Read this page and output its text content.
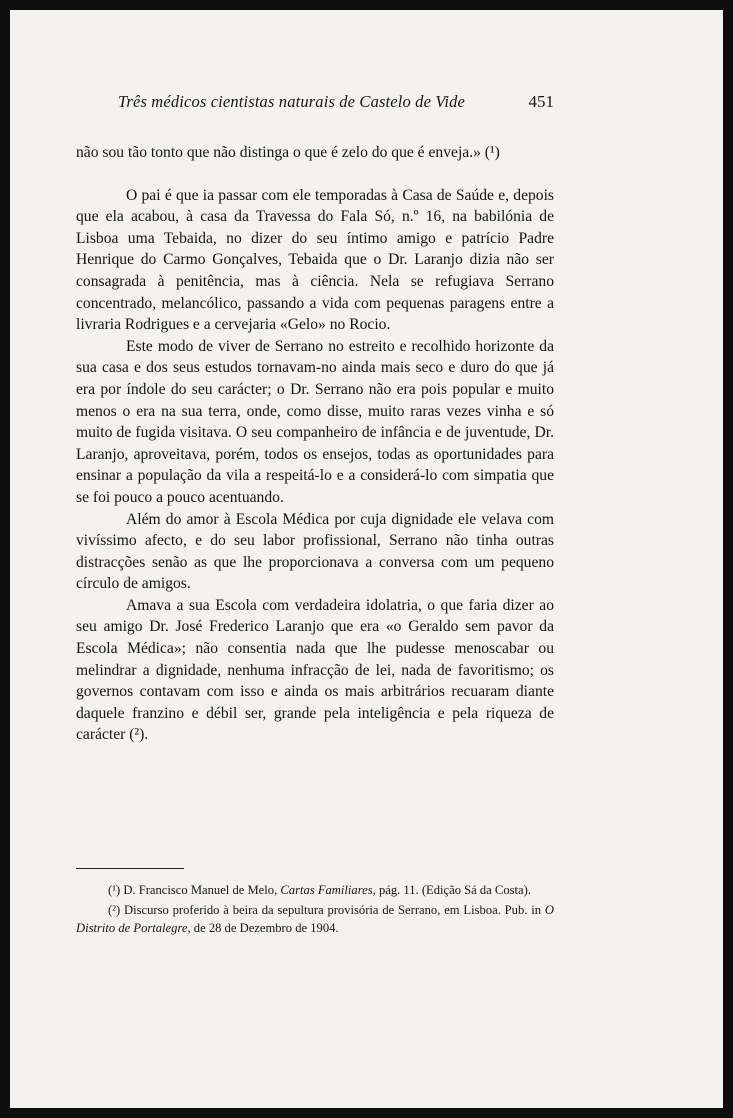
Três médicos cientistas naturais de Castelo de Vide	451

não sou tão tonto que não distinga o que é zelo do que é enveja.» (¹)

O pai é que ia passar com ele temporadas à Casa de Saúde e, depois que ela acabou, à casa da Travessa do Fala Só, n.º 16, na babilónia de Lisboa uma Tebaida, no dizer do seu íntimo amigo e patrício Padre Henrique do Carmo Gonçalves, Tebaida que o Dr. Laranjo dizia não ser consagrada à penitência, mas à ciência. Nela se refugiava Serrano concentrado, melancólico, passando a vida com pequenas paragens entre a livraria Rodrigues e a cervejaria «Gelo» no Rocio.

Este modo de viver de Serrano no estreito e recolhido horizonte da sua casa e dos seus estudos tornavam-no ainda mais seco e duro do que já era por índole do seu carácter; o Dr. Serrano não era pois popular e muito menos o era na sua terra, onde, como disse, muito raras vezes vinha e só muito de fugida visitava. O seu companheiro de infância e de juventude, Dr. Laranjo, aproveitava, porém, todos os ensejos, todas as oportunidades para ensinar a população da vila a respeitá-lo e a considerá-lo com simpatia que se foi pouco a pouco acentuando.

Além do amor à Escola Médica por cuja dignidade ele velava com vivíssimo afecto, e do seu labor profissional, Serrano não tinha outras distracções senão as que lhe proporcionava a conversa com um pequeno círculo de amigos.

Amava a sua Escola com verdadeira idolatria, o que faria dizer ao seu amigo Dr. José Frederico Laranjo que era «o Geraldo sem pavor da Escola Médica»; não consentia nada que lhe pudesse menoscabar ou melindrar a dignidade, nenhuma infracção de lei, nada de favoritismo; os governos contavam com isso e ainda os mais arbitrários recuaram diante daquele franzino e débil ser, grande pela inteligência e pela riqueza de carácter (²).

(¹) D. Francisco Manuel de Melo, Cartas Familiares, pág. 11. (Edição Sá da Costa).

(²) Discurso proferido à beira da sepultura provisória de Serrano, em Lisboa. Pub. in O Distrito de Portalegre, de 28 de Dezembro de 1904.
